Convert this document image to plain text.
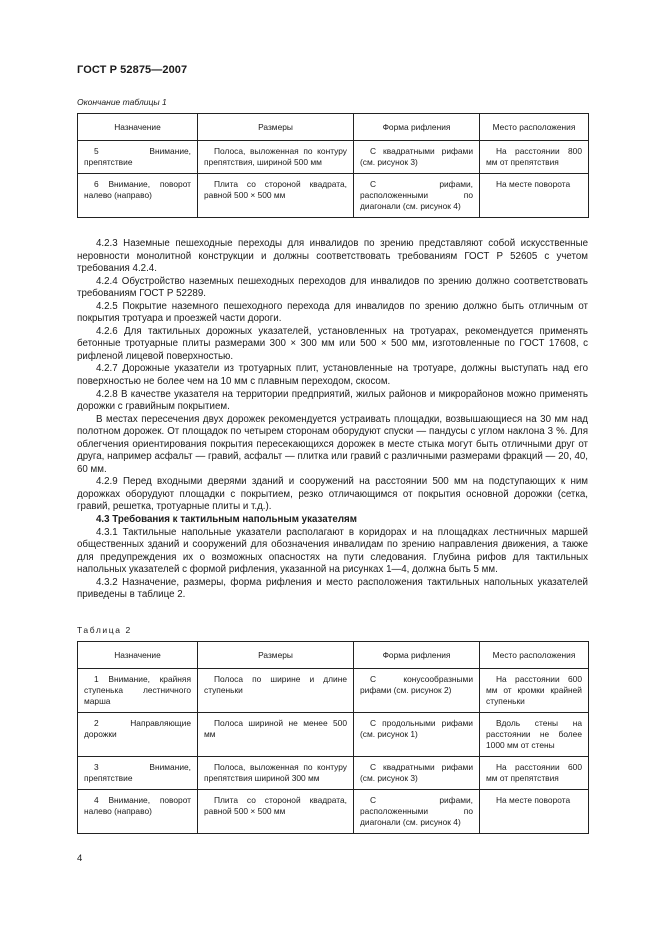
ГОСТ Р 52875—2007
Окончание таблицы 1
Назначение	Размеры	Форма рифления	Место расположения
5 Внимание, препятствие	Полоса, выложенная по контуру препятствия, шириной 500 мм	С квадратными рифами (см. рисунок 3)	На расстоянии 800 мм от препятствия
6 Внимание, поворот налево (направо)	Плита со стороной квадрата, равной 500 × 500 мм	С рифами, расположенными по диагонали (см. рисунок 4)	На месте поворота

4.2.3 Наземные пешеходные переходы для инвалидов по зрению представляют собой искусственные неровности монолитной конструкции и должны соответствовать требованиям ГОСТ Р 52605 с учетом требования 4.2.4.

4.2.4 Обустройство наземных пешеходных переходов для инвалидов по зрению должно соответствовать требованиям ГОСТ Р 52289.

4.2.5 Покрытие наземного пешеходного перехода для инвалидов по зрению должно быть отличным от покрытия тротуара и проезжей части дороги.

4.2.6 Для тактильных дорожных указателей, установленных на тротуарах, рекомендуется применять бетонные тротуарные плиты размерами 300 × 300 мм или 500 × 500 мм, изготовленные по ГОСТ 17608, с рифленой лицевой поверхностью.

4.2.7 Дорожные указатели из тротуарных плит, установленные на тротуаре, должны выступать над его поверхностью не более чем на 10 мм с плавным переходом, скосом.

4.2.8 В качестве указателя на территории предприятий, жилых районов и микрорайонов можно применять дорожки с гравийным покрытием.

В местах пересечения двух дорожек рекомендуется устраивать площадки, возвышающиеся на 30 мм над полотном дорожек. От площадок по четырем сторонам оборудуют спуски — пандусы с углом наклона 3 %. Для облегчения ориентирования покрытия пересекающихся дорожек в месте стыка могут быть отличными друг от друга, например асфальт — гравий, асфальт — плитка или гравий с различными размерами фракций — 20, 40, 60 мм.

4.2.9 Перед входными дверями зданий и сооружений на расстоянии 500 мм на подступающих к ним дорожках оборудуют площадки с покрытием, резко отличающимся от покрытия основной дорожки (сетка, гравий, решетка, тротуарные плиты и т.д.).

4.3 Требования к тактильным напольным указателям

4.3.1 Тактильные напольные указатели располагают в коридорах и на площадках лестничных маршей общественных зданий и сооружений для обозначения инвалидам по зрению направления движения, а также для предупреждения их о возможных опасностях на пути следования. Глубина рифов для тактильных напольных указателей с формой рифления, указанной на рисунках 1—4, должна быть 5 мм.

4.3.2 Назначение, размеры, форма рифления и место расположения тактильных напольных указателей приведены в таблице 2.

Таблица 2
Назначение	Размеры	Форма рифления	Место расположения
1 Внимание, крайняя ступенька лестничного марша	Полоса по ширине и длине ступеньки	С конусообразными рифами (см. рисунок 2)	На расстоянии 600 мм от кромки крайней ступеньки
2 Направляющие дорожки	Полоса шириной не менее 500 мм	С продольными рифами (см. рисунок 1)	Вдоль стены на расстоянии не более 1000 мм от стены
3 Внимание, препятствие	Полоса, выложенная по контуру препятствия шириной 300 мм	С квадратными рифами (см. рисунок 3)	На расстоянии 600 мм от препятствия
4 Внимание, поворот налево (направо)	Плита со стороной квадрата, равной 500 × 500 мм	С рифами, расположенными по диагонали (см. рисунок 4)	На месте поворота
4
